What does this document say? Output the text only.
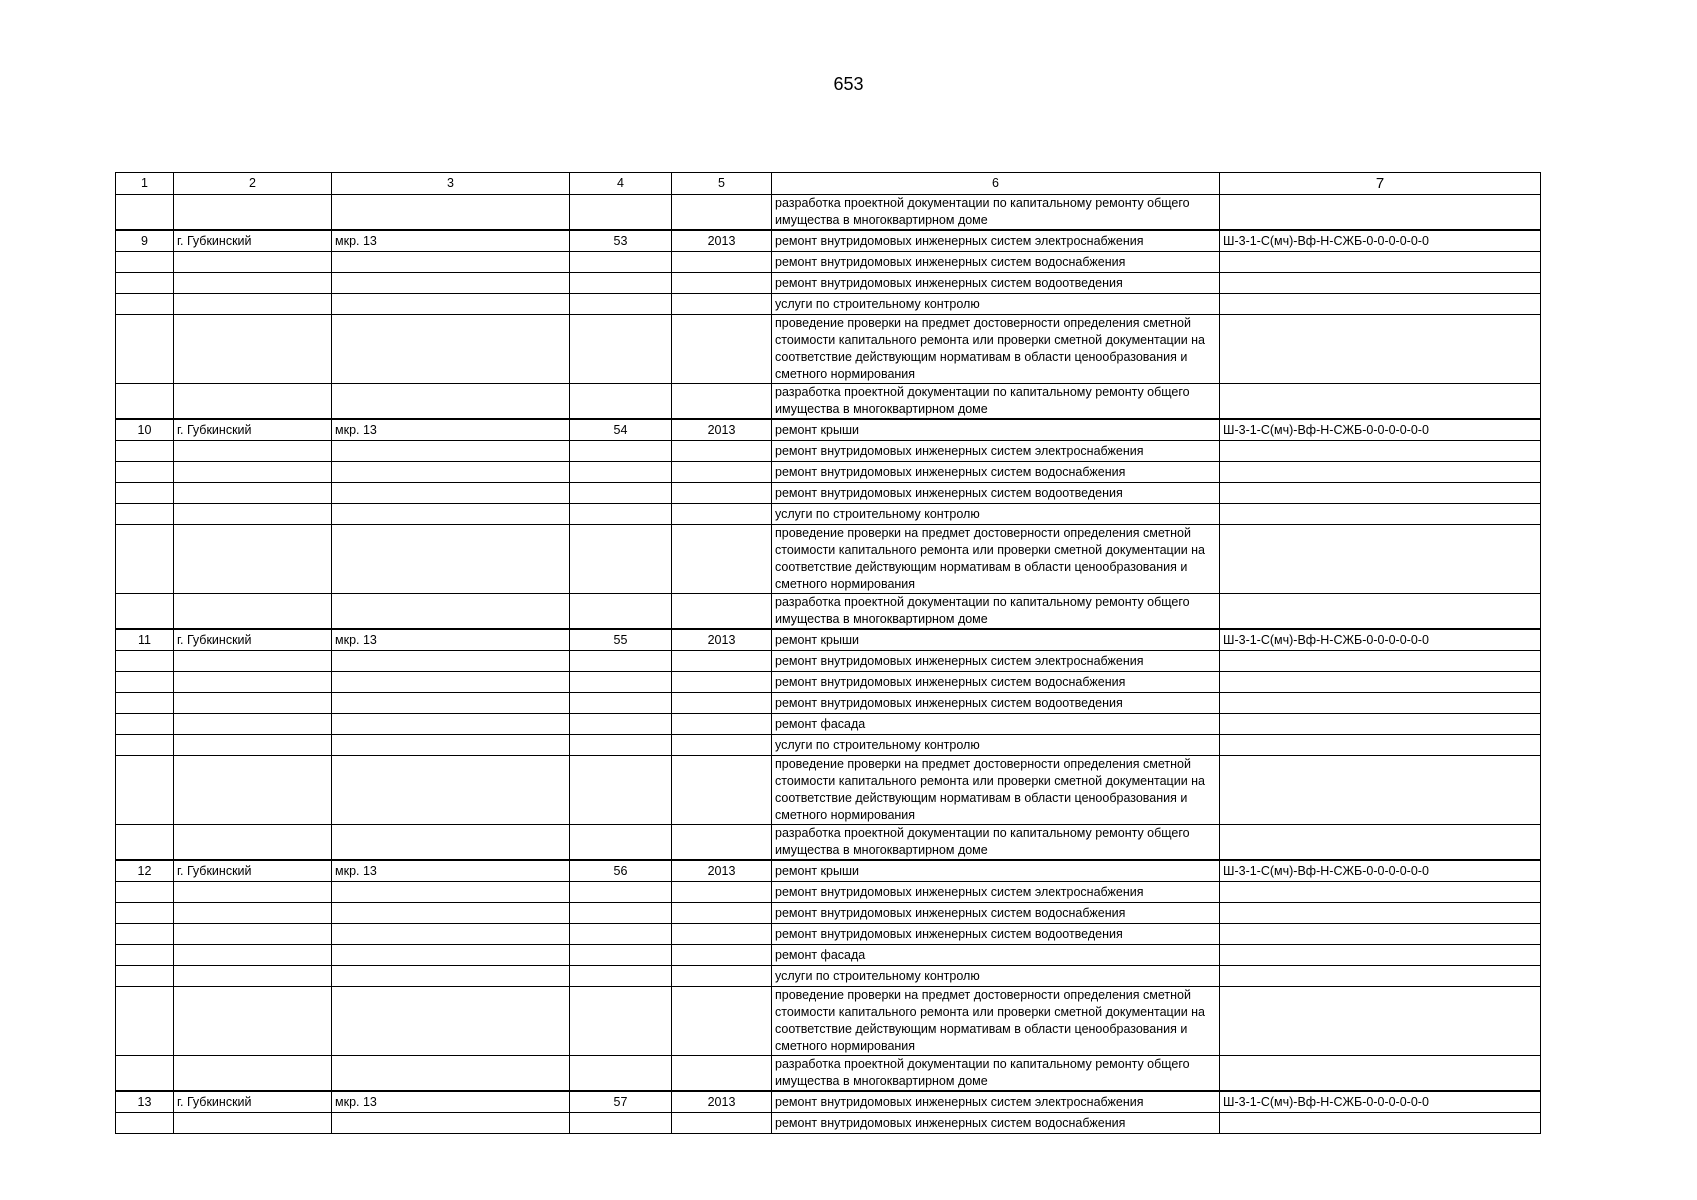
653
1	2	3	4	5	6	7
					разработка проектной документации по капитальному ремонту общего имущества в многоквартирном доме	
9	г. Губкинский	мкр. 13	53	2013	ремонт внутридомовых инженерных систем электроснабжения	Ш-3-1-С(мч)-Вф-Н-СЖБ-0-0-0-0-0-0
					ремонт внутридомовых инженерных систем водоснабжения	
					ремонт внутридомовых инженерных систем водоотведения	
					услуги по строительному контролю	
					проведение проверки на предмет достоверности определения сметной стоимости капитального ремонта или проверки сметной документации на соответствие действующим нормативам в области ценообразования и сметного нормирования	
					разработка проектной документации по капитальному ремонту общего имущества в многоквартирном доме	
10	г. Губкинский	мкр. 13	54	2013	ремонт крыши	Ш-3-1-С(мч)-Вф-Н-СЖБ-0-0-0-0-0-0
					ремонт внутридомовых инженерных систем электроснабжения	
					ремонт внутридомовых инженерных систем водоснабжения	
					ремонт внутридомовых инженерных систем водоотведения	
					услуги по строительному контролю	
					проведение проверки на предмет достоверности определения сметной стоимости капитального ремонта или проверки сметной документации на соответствие действующим нормативам в области ценообразования и сметного нормирования	
					разработка проектной документации по капитальному ремонту общего имущества в многоквартирном доме	
11	г. Губкинский	мкр. 13	55	2013	ремонт крыши	Ш-3-1-С(мч)-Вф-Н-СЖБ-0-0-0-0-0-0
					ремонт внутридомовых инженерных систем электроснабжения	
					ремонт внутридомовых инженерных систем водоснабжения	
					ремонт внутридомовых инженерных систем водоотведения	
					ремонт фасада	
					услуги по строительному контролю	
					проведение проверки на предмет достоверности определения сметной стоимости капитального ремонта или проверки сметной документации на соответствие действующим нормативам в области ценообразования и сметного нормирования	
					разработка проектной документации по капитальному ремонту общего имущества в многоквартирном доме	
12	г. Губкинский	мкр. 13	56	2013	ремонт крыши	Ш-3-1-С(мч)-Вф-Н-СЖБ-0-0-0-0-0-0
					ремонт внутридомовых инженерных систем электроснабжения	
					ремонт внутридомовых инженерных систем водоснабжения	
					ремонт внутридомовых инженерных систем водоотведения	
					ремонт фасада	
					услуги по строительному контролю	
					проведение проверки на предмет достоверности определения сметной стоимости капитального ремонта или проверки сметной документации на соответствие действующим нормативам в области ценообразования и сметного нормирования	
					разработка проектной документации по капитальному ремонту общего имущества в многоквартирном доме	
13	г. Губкинский	мкр. 13	57	2013	ремонт внутридомовых инженерных систем электроснабжения	Ш-3-1-С(мч)-Вф-Н-СЖБ-0-0-0-0-0-0
					ремонт внутридомовых инженерных систем водоснабжения	
